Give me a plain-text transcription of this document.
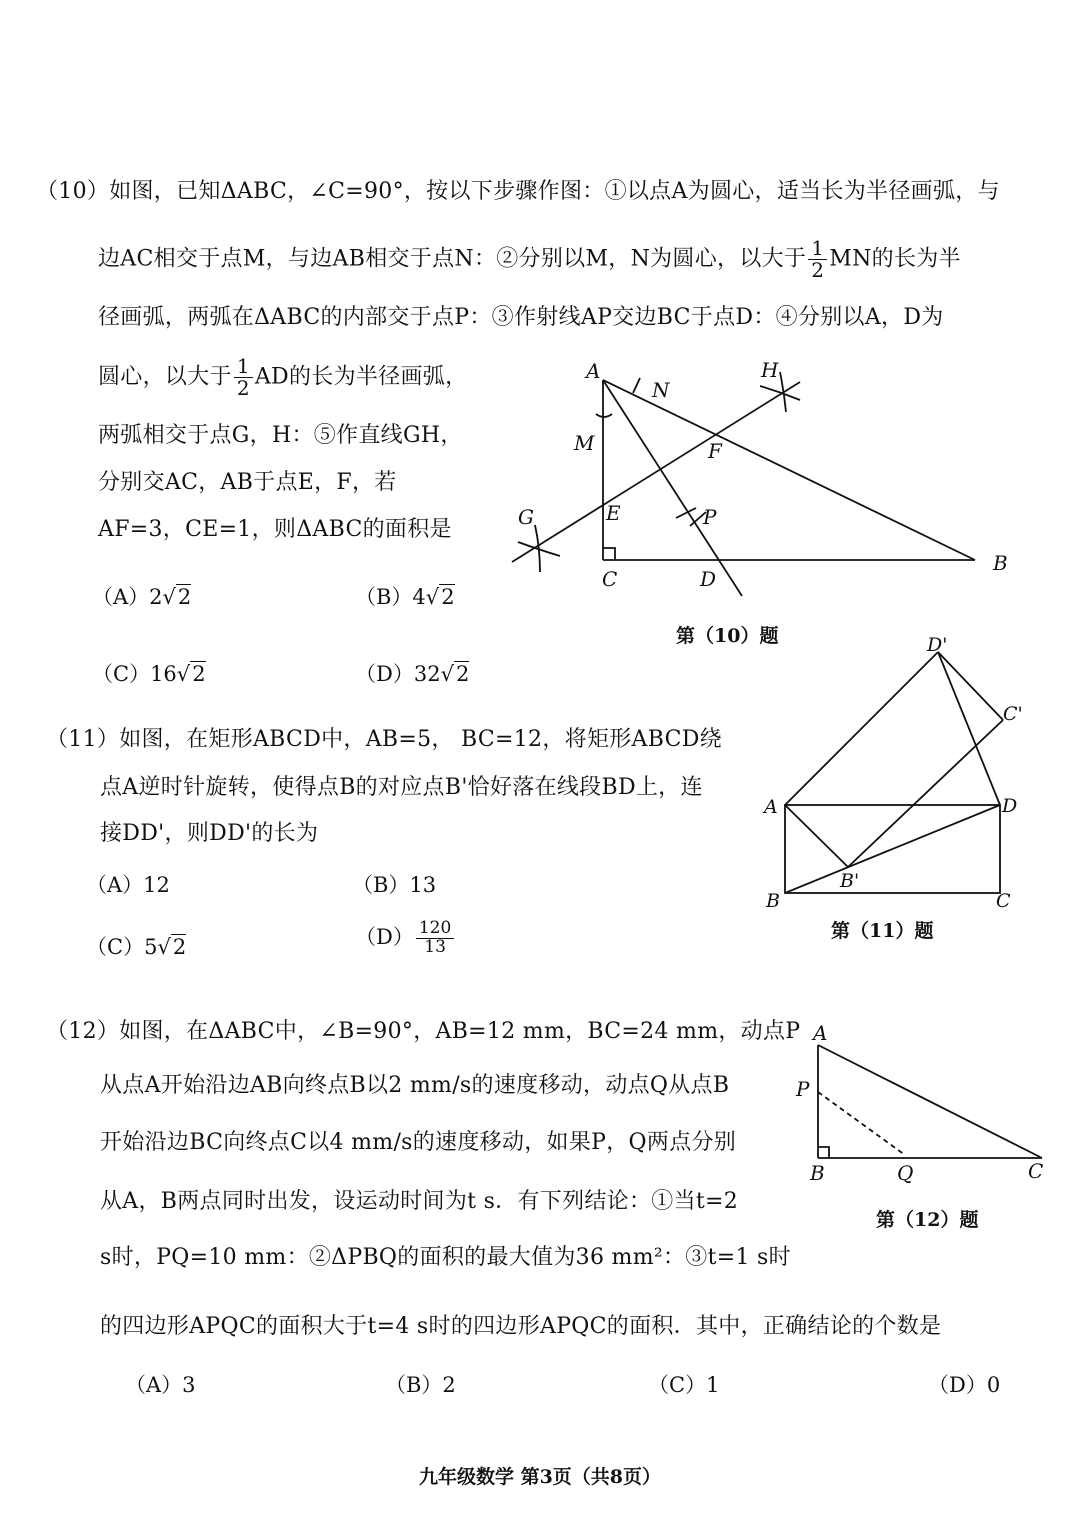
（10）如图，已知ΔABC，∠C=90°，按以下步骤作图：①以点A为圆心，适当长为半径画弧，与
边AC相交于点M，与边AB相交于点N：②分别以M，N为圆心，以大于 $\frac{1}{2}$ MN的长为半
径画弧，两弧在ΔABC的内部交于点P：③作射线AP交边BC于点D：④分别以A，D为
圆心，以大于 $\frac{1}{2}$ AD的长为半径画弧，
两弧相交于点G，H：⑤作直线GH，
分别交AC，AB于点E，F，若
AF=3，CE=1，则ΔABC的面积是
（A）2√2	（B）4√2
（C）16√2	（D）32√2
A
N
H
M	F
E
G	P
C	D
B
第（10）题
（11）如图，在矩形ABCD中，AB=5， BC=12，将矩形ABCD绕
点A逆时针旋转，使得点B的对应点B'恰好落在线段BD上，连
接DD'，则DD'的长为
（A）12	（B）13
（C）5√2	$(D) \frac{120}{13}$
D'
C'
A	D
B'
B	C
第（11）题
（12）如图，在ΔABC中，∠B=90°，AB=12 mm，BC=24 mm，动点P
从点A开始沿边AB向终点B以2 mm/s的速度移动，动点Q从点B
开始沿边BC向终点C以4 mm/s的速度移动，如果P，Q两点分别
从A，B两点同时出发，设运动时间为t s．有下列结论：①当t=2
s时，PQ=10 mm：②ΔPBQ的面积的最大值为36 mm²：③t=1 s时
的四边形APQC的面积大于t=4 s时的四边形APQC的面积．其中，正确结论的个数是
（A）3	（B）2	（C）1	（D）0
A
P
B	Q	C
第（12）题
九年级数学 第3页（共8页）
